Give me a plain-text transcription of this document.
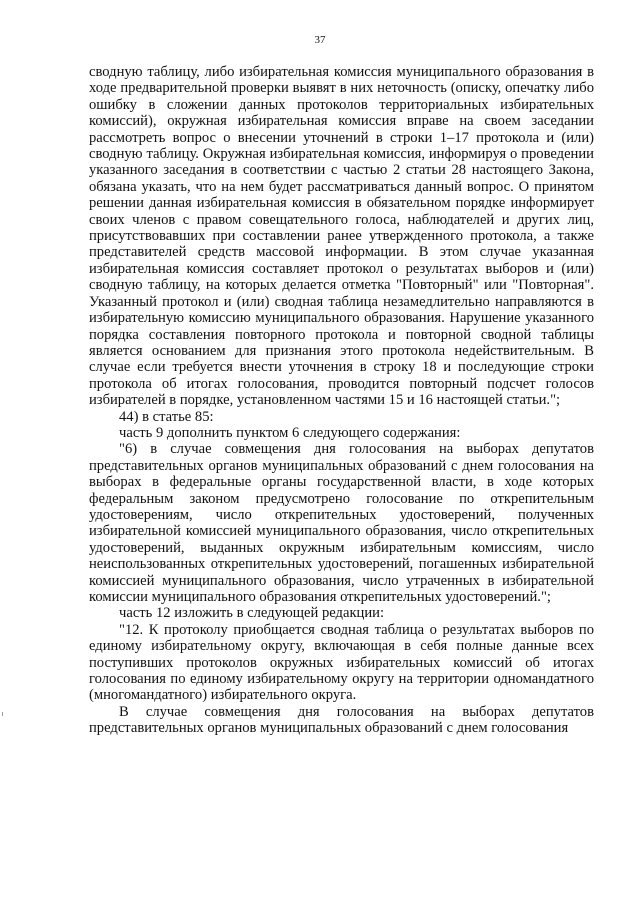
37

сводную таблицу, либо избирательная комиссия муниципального образования в ходе предварительной проверки выявят в них неточность (описку, опечатку либо ошибку в сложении данных протоколов территориальных избирательных комиссий), окружная избирательная комиссия вправе на своем заседании рассмотреть вопрос о внесении уточнений в строки 1–17 протокола и (или) сводную таблицу. Окружная избирательная комиссия, информируя о проведении указанного заседания в соответствии с частью 2 статьи 28 настоящего Закона, обязана указать, что на нем будет рассматриваться данный вопрос. О принятом решении данная избирательная комиссия в обязательном порядке информирует своих членов с правом совещательного голоса, наблюдателей и других лиц, присутствовавших при составлении ранее утвержденного протокола, а также представителей средств массовой информации. В этом случае указанная избирательная комиссия составляет протокол о результатах выборов и (или) сводную таблицу, на которых делается отметка "Повторный" или "Повторная". Указанный протокол и (или) сводная таблица незамедлительно направляются в избирательную комиссию муниципального образования. Нарушение указанного порядка составления повторного протокола и повторной сводной таблицы является основанием для признания этого протокола недействительным. В случае если требуется внести уточнения в строку 18 и последующие строки протокола об итогах голосования, проводится повторный подсчет голосов избирателей в порядке, установленном частями 15 и 16 настоящей статьи.";

44) в статье 85:

часть 9 дополнить пунктом 6 следующего содержания:

"6) в случае совмещения дня голосования на выборах депутатов представительных органов муниципальных образований с днем голосования на выборах в федеральные органы государственной власти, в ходе которых федеральным законом предусмотрено голосование по открепительным удостоверениям, число открепительных удостоверений, полученных избирательной комиссией муниципального образования, число открепительных удостоверений, выданных окружным избирательным комиссиям, число неиспользованных открепительных удостоверений, погашенных избирательной комиссией муниципального образования, число утраченных в избирательной комиссии муниципального образования открепительных удостоверений.";

часть 12 изложить в следующей редакции:

"12. К протоколу приобщается сводная таблица о результатах выборов по единому избирательному округу, включающая в себя полные данные всех поступивших протоколов окружных избирательных комиссий об итогах голосования по единому избирательному округу на территории одномандатного (многомандатного) избирательного округа.

В случае совмещения дня голосования на выборах депутатов представительных органов муниципальных образований с днем голосования
